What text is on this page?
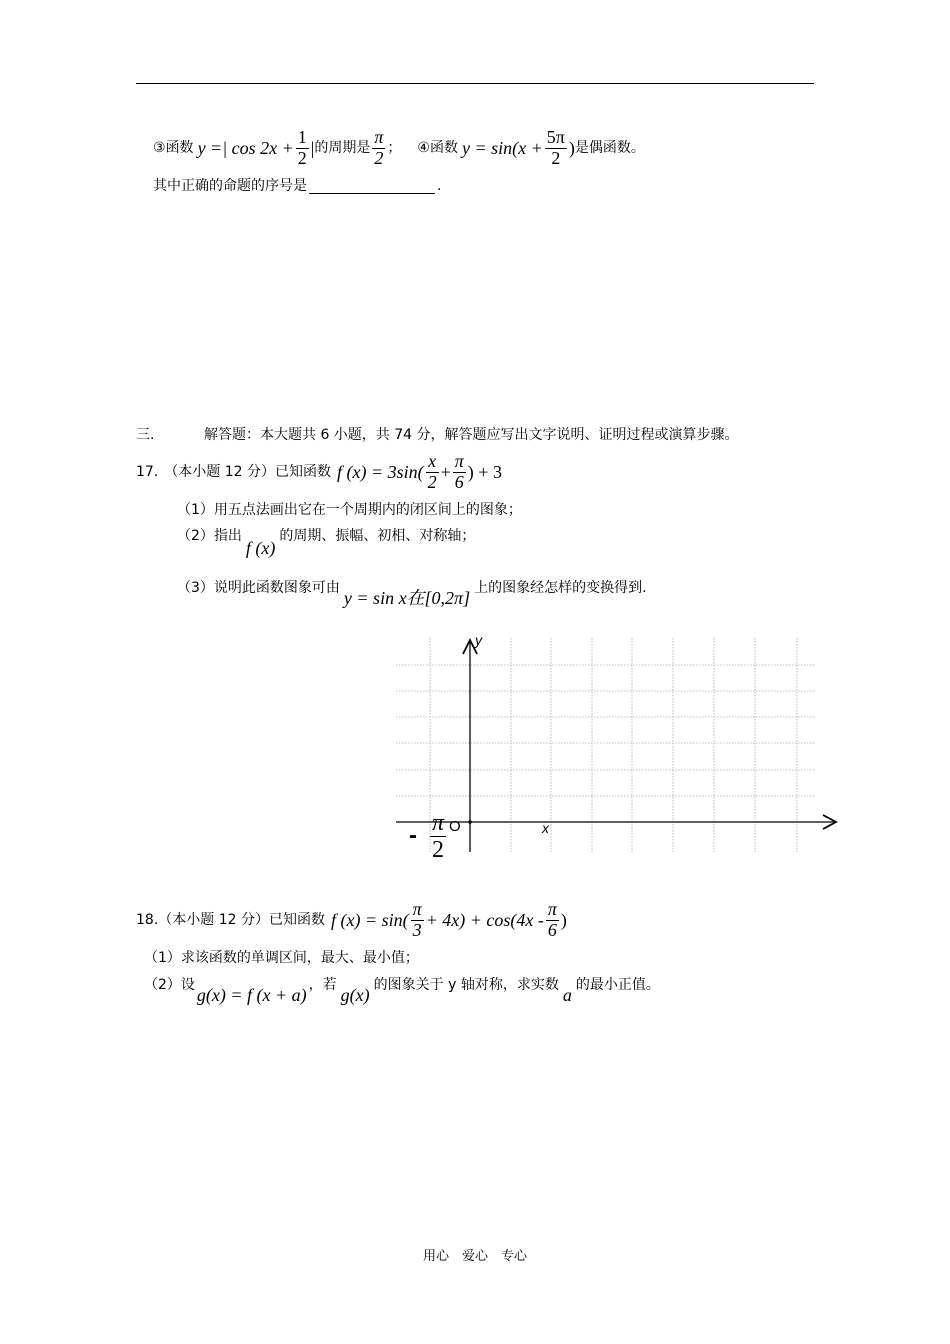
③ 函数 y =| $\cos 2x + \frac{1}{2}$ | 的周期是 $\frac{\pi}{2}$ ； ④ 函数 $y = \sin(x + \frac{5\pi}{2}$ ) 是偶函数。
其中正确的命题的序号是	.
三.	解答题：本大题共 6 小题，共 74 分，解答题应写出文字说明、证明过程或演算步骤。
17. （本小题 12 分）已知函数 f $(x) = 3\sin( \frac{x}{2} + \frac{\pi}{6}$ ) + 3
（1）用五点法画出它在一个周期内的闭区间上的图象；
（2）指出
f (x)
的周期、振幅、初相、对称轴；
（3）说明此函数图象可由 y = sin x在[0,2π] 上的图象经怎样的变换得到.
y
x
O
- $\frac{\pi}{2}$
18. （本小题 12 分）已知函数 f $(x) = \sin( \frac{\pi}{3} + 4x) + \cos(4x - \frac{\pi}{6}$ )
（1）求该函数的单调区间，最大、最小值；
（2）设 g(x) = f (x + a) ，若 g(x) 的图象关于 y 轴对称，求实数 a 的最小正值。
用心　爱心　专心
